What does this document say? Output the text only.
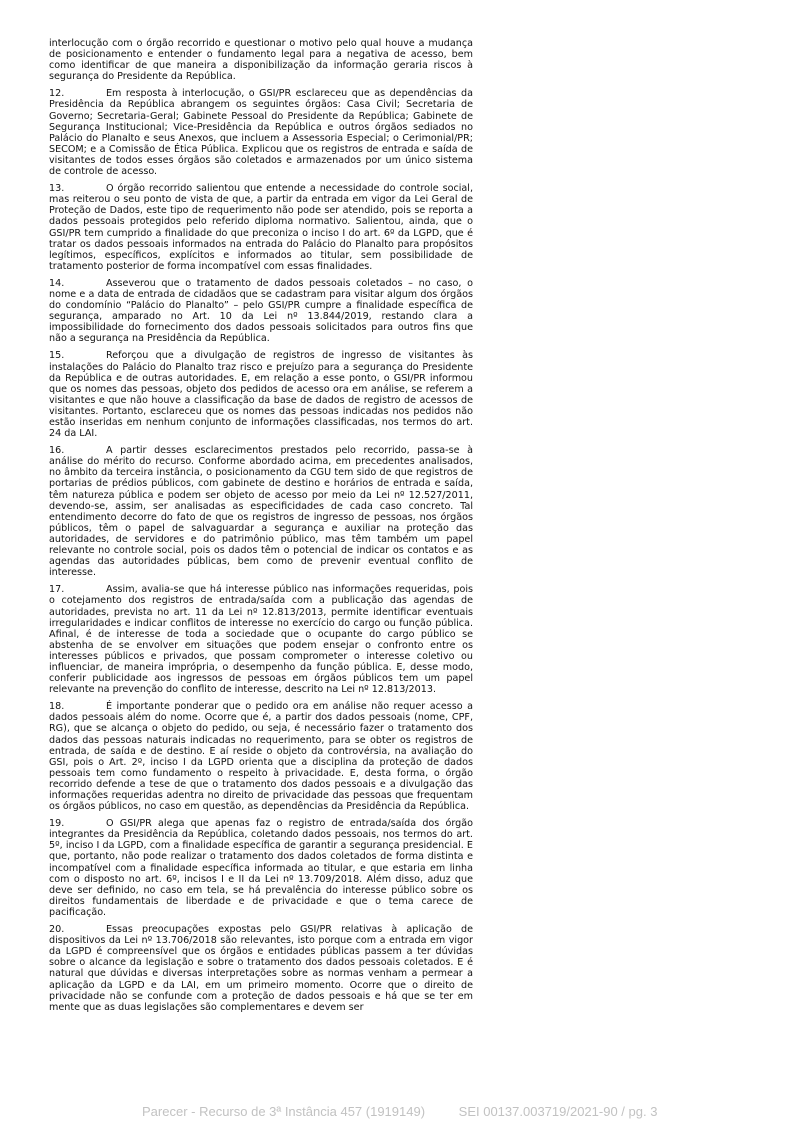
interlocução com o órgão recorrido e questionar o motivo pelo qual houve a mudança de posicionamento e entender o fundamento legal para a negativa de acesso, bem como identificar de que maneira a disponibilização da informação geraria riscos à segurança do Presidente da República.

12.	Em resposta à interlocução, o GSI/PR esclareceu que as dependências da Presidência da República abrangem os seguintes órgãos: Casa Civil; Secretaria de Governo; Secretaria-Geral; Gabinete Pessoal do Presidente da República; Gabinete de Segurança Institucional; Vice-Presidência da República e outros órgãos sediados no Palácio do Planalto e seus Anexos, que incluem a Assessoria Especial; o Cerimonial/PR; SECOM; e a Comissão de Ética Pública. Explicou que os registros de entrada e saída de visitantes de todos esses órgãos são coletados e armazenados por um único sistema de controle de acesso.

13.	O órgão recorrido salientou que entende a necessidade do controle social, mas reiterou o seu ponto de vista de que, a partir da entrada em vigor da Lei Geral de Proteção de Dados, este tipo de requerimento não pode ser atendido, pois se reporta a dados pessoais protegidos pelo referido diploma normativo. Salientou, ainda, que o GSI/PR tem cumprido a finalidade do que preconiza o inciso I do art. 6º da LGPD, que é tratar os dados pessoais informados na entrada do Palácio do Planalto para propósitos legítimos, específicos, explícitos e informados ao titular, sem possibilidade de tratamento posterior de forma incompatível com essas finalidades.

14.	Asseverou que o tratamento de dados pessoais coletados – no caso, o nome e a data de entrada de cidadãos que se cadastram para visitar algum dos órgãos do condomínio “Palácio do Planalto” – pelo GSI/PR cumpre a finalidade específica de segurança, amparado no Art. 10 da Lei nº 13.844/2019, restando clara a impossibilidade do fornecimento dos dados pessoais solicitados para outros fins que não a segurança na Presidência da República.

15.	Reforçou que a divulgação de registros de ingresso de visitantes às instalações do Palácio do Planalto traz risco e prejuízo para a segurança do Presidente da República e de outras autoridades. E, em relação a esse ponto, o GSI/PR informou que os nomes das pessoas, objeto dos pedidos de acesso ora em análise, se referem a visitantes e que não houve a classificação da base de dados de registro de acessos de visitantes. Portanto, esclareceu que os nomes das pessoas indicadas nos pedidos não estão inseridas em nenhum conjunto de informações classificadas, nos termos do art. 24 da LAI.

16.	A partir desses esclarecimentos prestados pelo recorrido, passa-se à análise do mérito do recurso. Conforme abordado acima, em precedentes analisados, no âmbito da terceira instância, o posicionamento da CGU tem sido de que registros de portarias de prédios públicos, com gabinete de destino e horários de entrada e saída, têm natureza pública e podem ser objeto de acesso por meio da Lei nº 12.527/2011, devendo-se, assim, ser analisadas as especificidades de cada caso concreto. Tal entendimento decorre do fato de que os registros de ingresso de pessoas, nos órgãos públicos, têm o papel de salvaguardar a segurança e auxiliar na proteção das autoridades, de servidores e do patrimônio público, mas têm também um papel relevante no controle social, pois os dados têm o potencial de indicar os contatos e as agendas das autoridades públicas, bem como de prevenir eventual conflito de interesse.

17.	Assim, avalia-se que há interesse público nas informações requeridas, pois o cotejamento dos registros de entrada/saída com a publicação das agendas de autoridades, prevista no art. 11 da Lei nº 12.813/2013, permite identificar eventuais irregularidades e indicar conflitos de interesse no exercício do cargo ou função pública. Afinal, é de interesse de toda a sociedade que o ocupante do cargo público se abstenha de se envolver em situações que podem ensejar o confronto entre os interesses públicos e privados, que possam comprometer o interesse coletivo ou influenciar, de maneira imprópria, o desempenho da função pública. E, desse modo, conferir publicidade aos ingressos de pessoas em órgãos públicos tem um papel relevante na prevenção do conflito de interesse, descrito na Lei nº 12.813/2013.

18.	É importante ponderar que o pedido ora em análise não requer acesso a dados pessoais além do nome. Ocorre que é, a partir dos dados pessoais (nome, CPF, RG), que se alcança o objeto do pedido, ou seja, é necessário fazer o tratamento dos dados das pessoas naturais indicadas no requerimento, para se obter os registros de entrada, de saída e de destino. E aí reside o objeto da controvérsia, na avaliação do GSI, pois o Art. 2º, inciso I da LGPD orienta que a disciplina da proteção de dados pessoais tem como fundamento o respeito à privacidade. E, desta forma, o órgão recorrido defende a tese de que o tratamento dos dados pessoais e a divulgação das informações requeridas adentra no direito de privacidade das pessoas que frequentam os órgãos públicos, no caso em questão, as dependências da Presidência da República.

19.	O GSI/PR alega que apenas faz o registro de entrada/saída dos órgão integrantes da Presidência da República, coletando dados pessoais, nos termos do art. 5º, inciso I da LGPD, com a finalidade específica de garantir a segurança presidencial. E que, portanto, não pode realizar o tratamento dos dados coletados de forma distinta e incompatível com a finalidade específica informada ao titular, e que estaria em linha com o disposto no art. 6º, incisos I e II da Lei nº 13.709/2018. Além disso, aduz que deve ser definido, no caso em tela, se há prevalência do interesse público sobre os direitos fundamentais de liberdade e de privacidade e que o tema carece de pacificação.

20.	Essas preocupações expostas pelo GSI/PR relativas à aplicação de dispositivos da Lei nº 13.706/2018 são relevantes, isto porque com a entrada em vigor da LGPD é compreensível que os órgãos e entidades públicas passem a ter dúvidas sobre o alcance da legislação e sobre o tratamento dos dados pessoais coletados. E é natural que dúvidas e diversas interpretações sobre as normas venham a permear a aplicação da LGPD e da LAI, em um primeiro momento. Ocorre que o direito de privacidade não se confunde com a proteção de dados pessoais e há que se ter em mente que as duas legislações são complementares e devem ser

Parecer - Recurso de 3ª Instância 457 (1919149)	SEI 00137.003719/2021-90 / pg. 3
